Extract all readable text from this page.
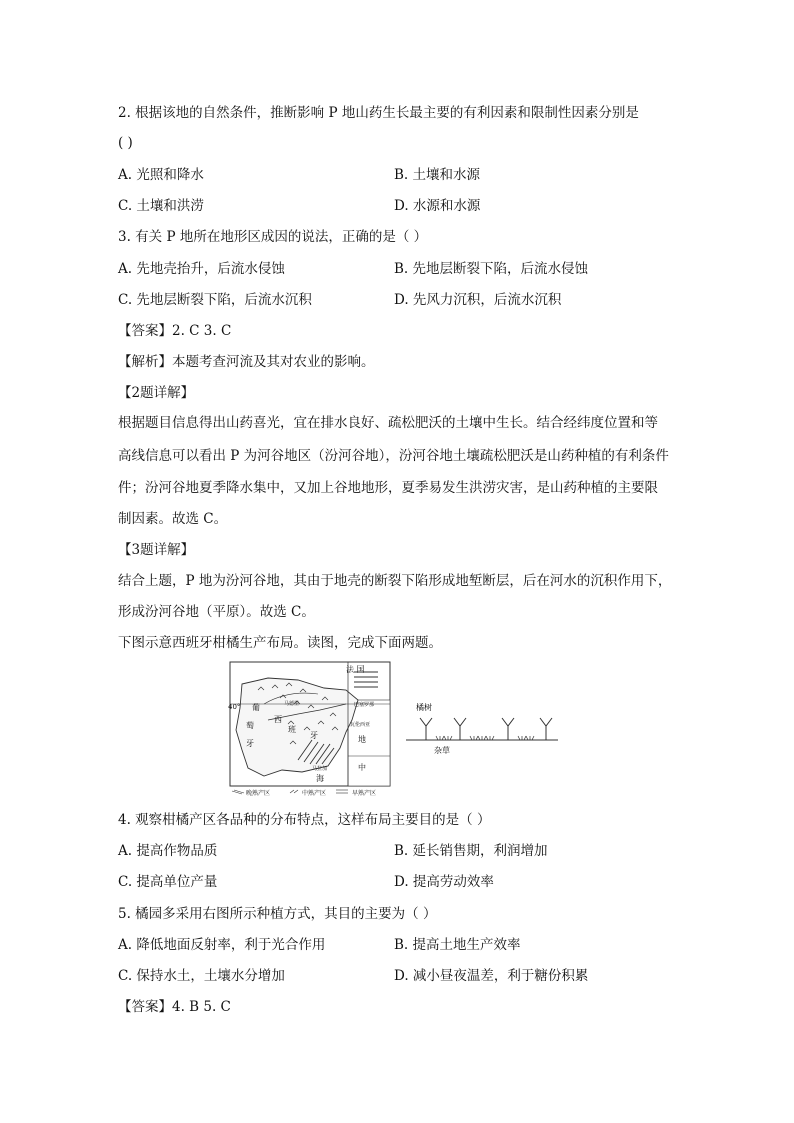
2. 根据该地的自然条件，推断影响 P 地山药生长最主要的有利因素和限制性因素分别是
( )
A. 光照和降水	B. 土壤和水源
C. 土壤和洪涝	D. 水源和水源
3. 有关 P 地所在地形区成因的说法，正确的是（ ）
A. 先地壳抬升，后流水侵蚀	B. 先地层断裂下陷，后流水侵蚀
C. 先地层断裂下陷，后流水沉积	D. 先风力沉积，后流水沉积
【答案】2. C 3. C
【解析】本题考查河流及其对农业的影响。
【2题详解】
根据题目信息得出山药喜光，宜在排水良好、疏松肥沃的土壤中生长。结合经纬度位置和等
高线信息可以看出 P 为河谷地区（汾河谷地），汾河谷地土壤疏松肥沃是山药种植的有利条件
件；汾河谷地夏季降水集中，又加上谷地地形，夏季易发生洪涝灾害，是山药种植的主要限
制因素。故选 C。
【3题详解】
结合上题，P 地为汾河谷地，其由于地壳的断裂下陷形成地堑断层，后在河水的沉积作用下，
形成汾河谷地（平原）。故选 C。
下图示意西班牙柑橘生产布局。读图，完成下面两题。
法 国
40° 葡
萄
牙
西
班
牙	地
中
海
马德里	巴塞罗那
瓦伦西亚
马拉加
晚熟产区	中熟产区	早熟产区
橘树
杂草
4. 观察柑橘产区各品种的分布特点，这样布局主要目的是（ ）
A. 提高作物品质	B. 延长销售期，利润增加
C. 提高单位产量	D. 提高劳动效率
5. 橘园多采用右图所示种植方式，其目的主要为（ ）
A. 降低地面反射率，利于光合作用	B. 提高土地生产效率
C. 保持水土，土壤水分增加	D. 减小昼夜温差，利于糖份积累
【答案】4. B 5. C
